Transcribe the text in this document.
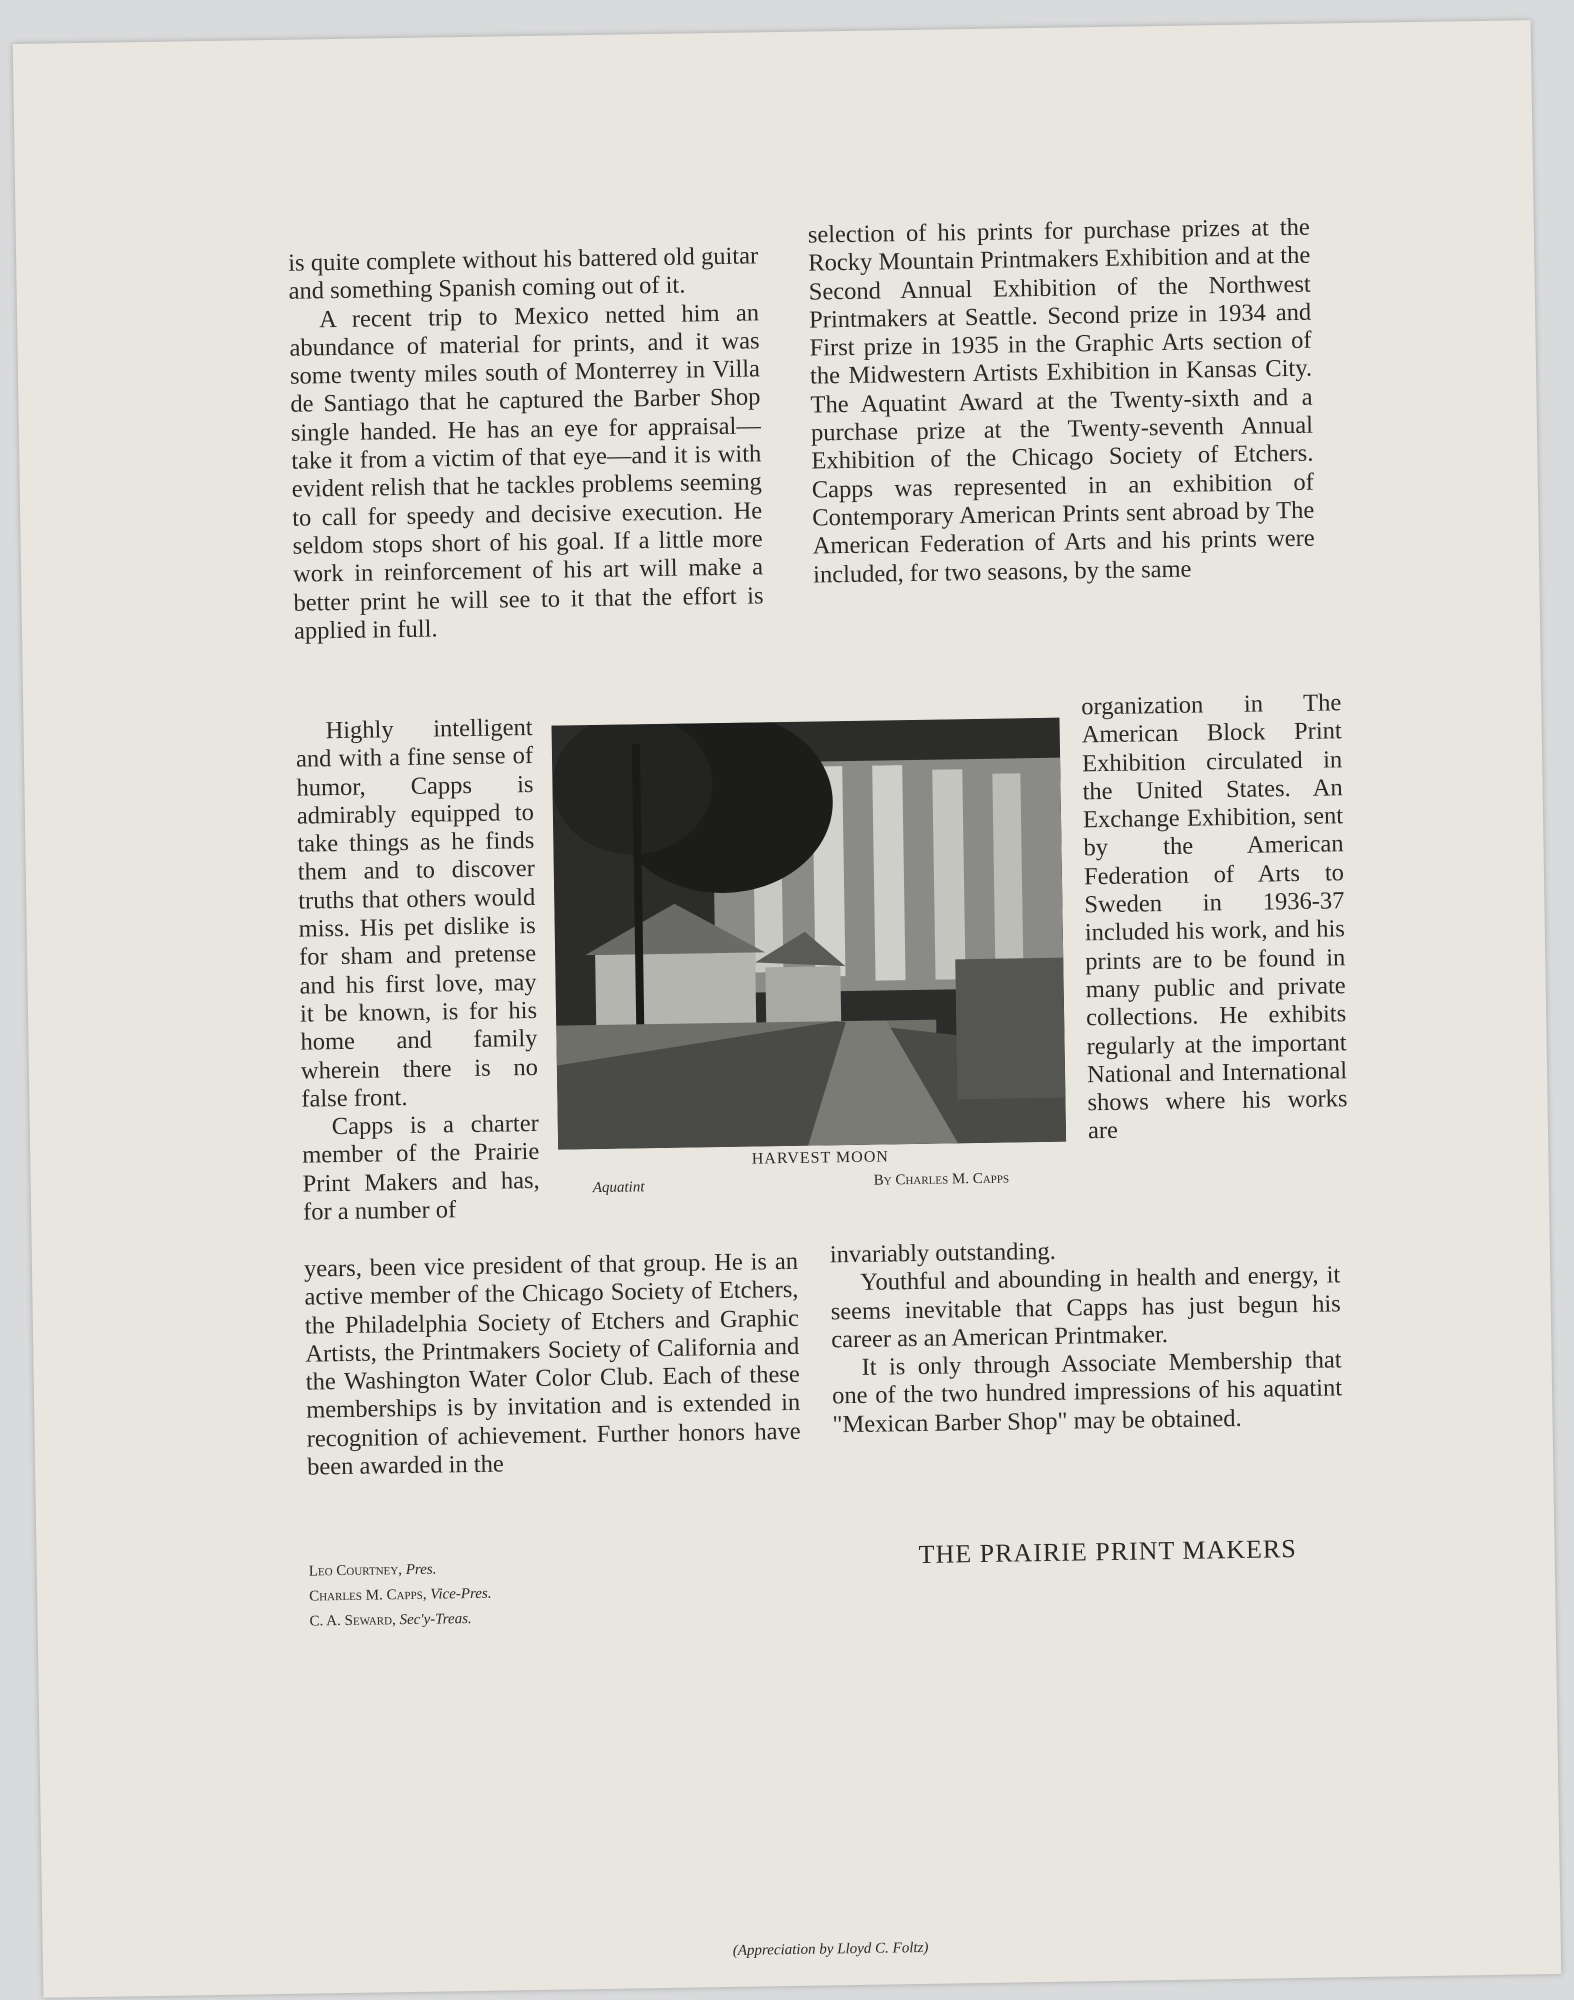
is quite complete without his battered old guitar and something Spanish coming out of it.

A recent trip to Mexico netted him an abundance of material for prints, and it was some twenty miles south of Monterrey in Villa de Santiago that he captured the Barber Shop single handed. He has an eye for appraisal—take it from a victim of that eye—and it is with evident relish that he tackles problems seeming to call for speedy and decisive execution. He seldom stops short of his goal. If a little more work in reinforcement of his art will make a better print he will see to it that the effort is applied in full.

selection of his prints for purchase prizes at the Rocky Mountain Printmakers Exhibition and at the Second Annual Exhibition of the Northwest Printmakers at Seattle. Second prize in 1934 and First prize in 1935 in the Graphic Arts section of the Midwestern Artists Exhibition in Kansas City. The Aquatint Award at the Twenty-sixth and a purchase prize at the Twenty-seventh Annual Exhibition of the Chicago Society of Etchers. Capps was represented in an exhibition of Contemporary American Prints sent abroad by The American Federation of Arts and his prints were included, for two seasons, by the same

Highly intelligent and with a fine sense of humor, Capps is admirably equipped to take things as he finds them and to discover truths that others would miss. His pet dislike is for sham and pretense and his first love, may it be known, is for his home and family wherein there is no false front.

Capps is a charter member of the Prairie Print Makers and has, for a number of

HARVEST MOON
Aquatint	By Charles M. Capps

organization in The American Block Print Exhibition circulated in the United States. An Exchange Exhibition, sent by the American Federation of Arts to Sweden in 1936-37 included his work, and his prints are to be found in many public and private collections. He exhibits regularly at the important National and International shows where his works are

years, been vice president of that group. He is an active member of the Chicago Society of Etchers, the Philadelphia Society of Etchers and Graphic Artists, the Printmakers Society of California and the Washington Water Color Club. Each of these memberships is by invitation and is extended in recognition of achievement. Further honors have been awarded in the

invariably outstanding.

Youthful and abounding in health and energy, it seems inevitable that Capps has just begun his career as an American Printmaker.

It is only through Associate Membership that one of the two hundred impressions of his aquatint "Mexican Barber Shop" may be obtained.

Leo Courtney, Pres.
Charles M. Capps, Vice-Pres.
C. A. Seward, Sec'y-Treas.
THE PRAIRIE PRINT MAKERS
(Appreciation by Lloyd C. Foltz)
